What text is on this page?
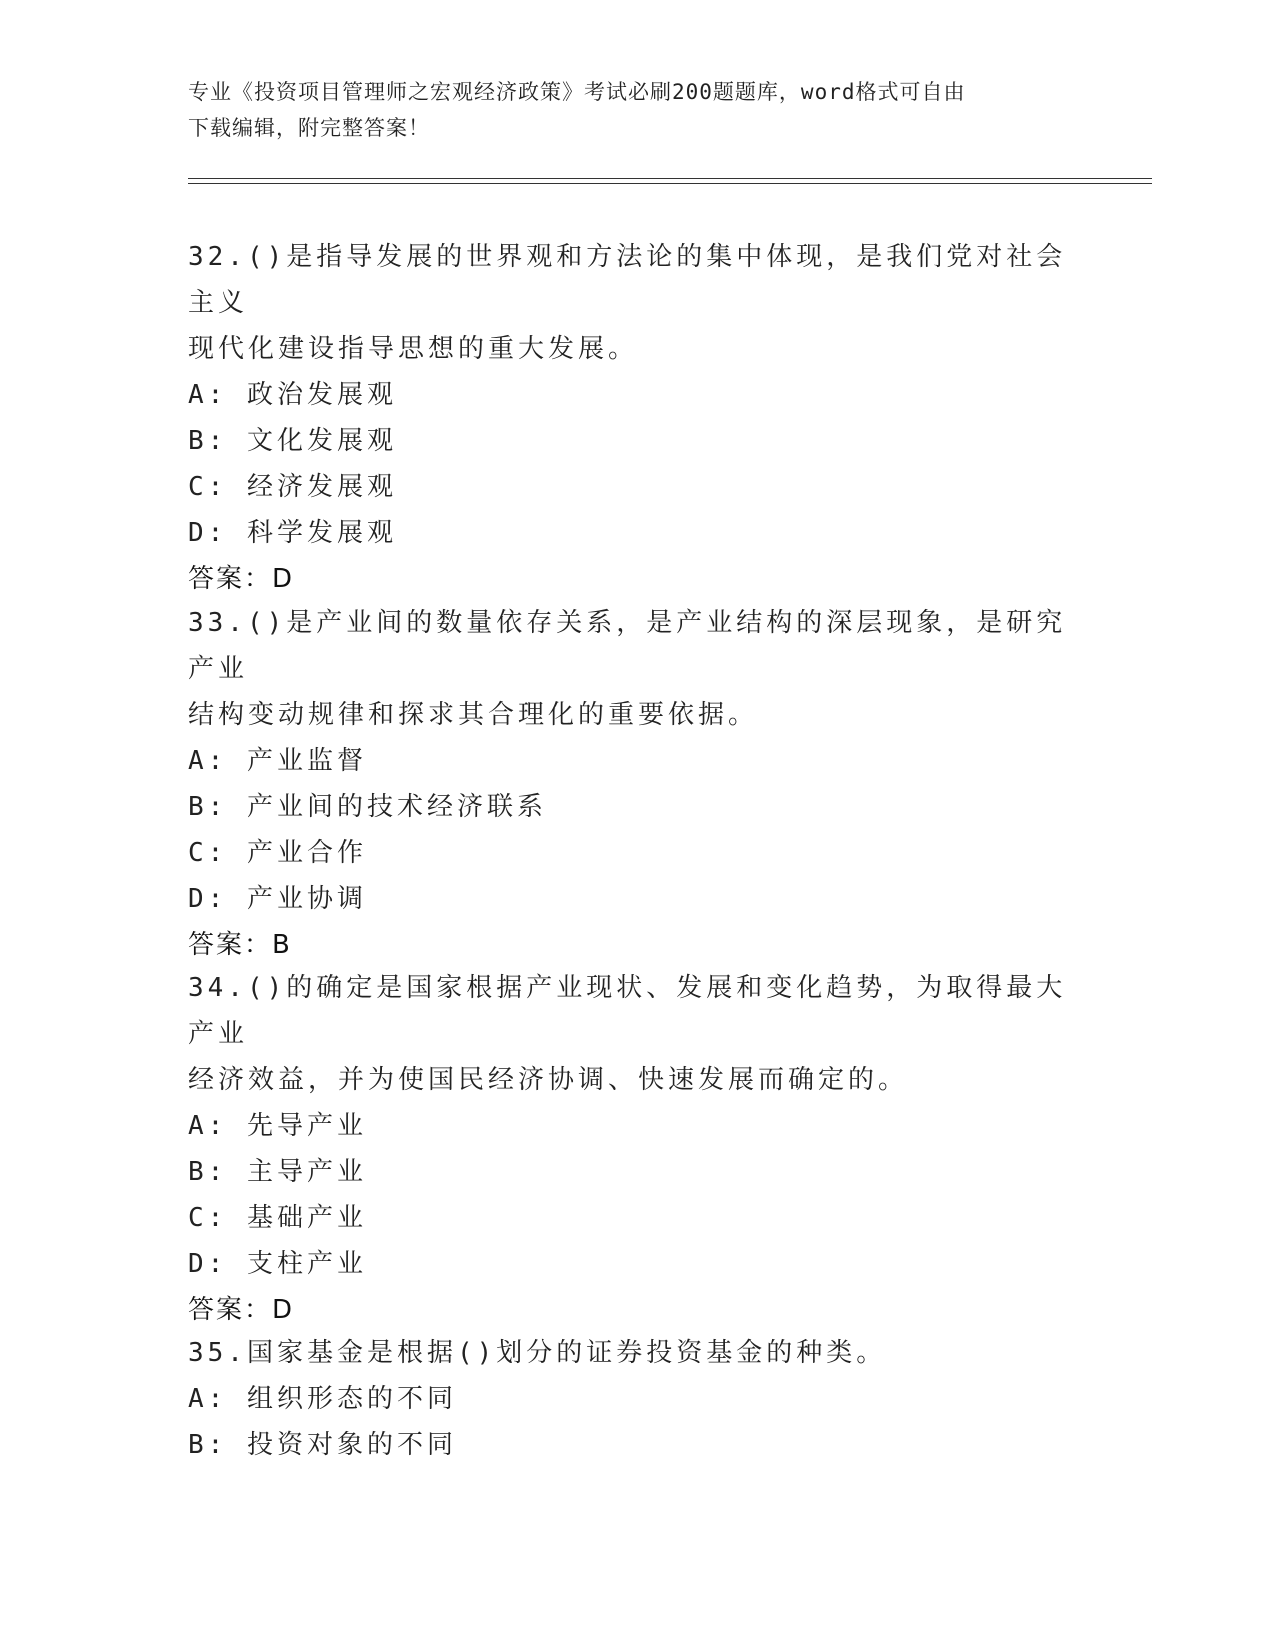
专业《投资项目管理师之宏观经济政策》考试必刷200题题库，word格式可自由
下载编辑，附完整答案！

32.()是指导发展的世界观和方法论的集中体现，是我们党对社会主义

现代化建设指导思想的重大发展。

A: 政治发展观

B: 文化发展观

C: 经济发展观

D: 科学发展观

答案：D

33.()是产业间的数量依存关系，是产业结构的深层现象，是研究产业

结构变动规律和探求其合理化的重要依据。

A: 产业监督

B: 产业间的技术经济联系

C: 产业合作

D: 产业协调

答案：B

34.()的确定是国家根据产业现状、发展和变化趋势，为取得最大产业

经济效益，并为使国民经济协调、快速发展而确定的。

A: 先导产业

B: 主导产业

C: 基础产业

D: 支柱产业

答案：D

35.国家基金是根据()划分的证券投资基金的种类。

A: 组织形态的不同

B: 投资对象的不同
